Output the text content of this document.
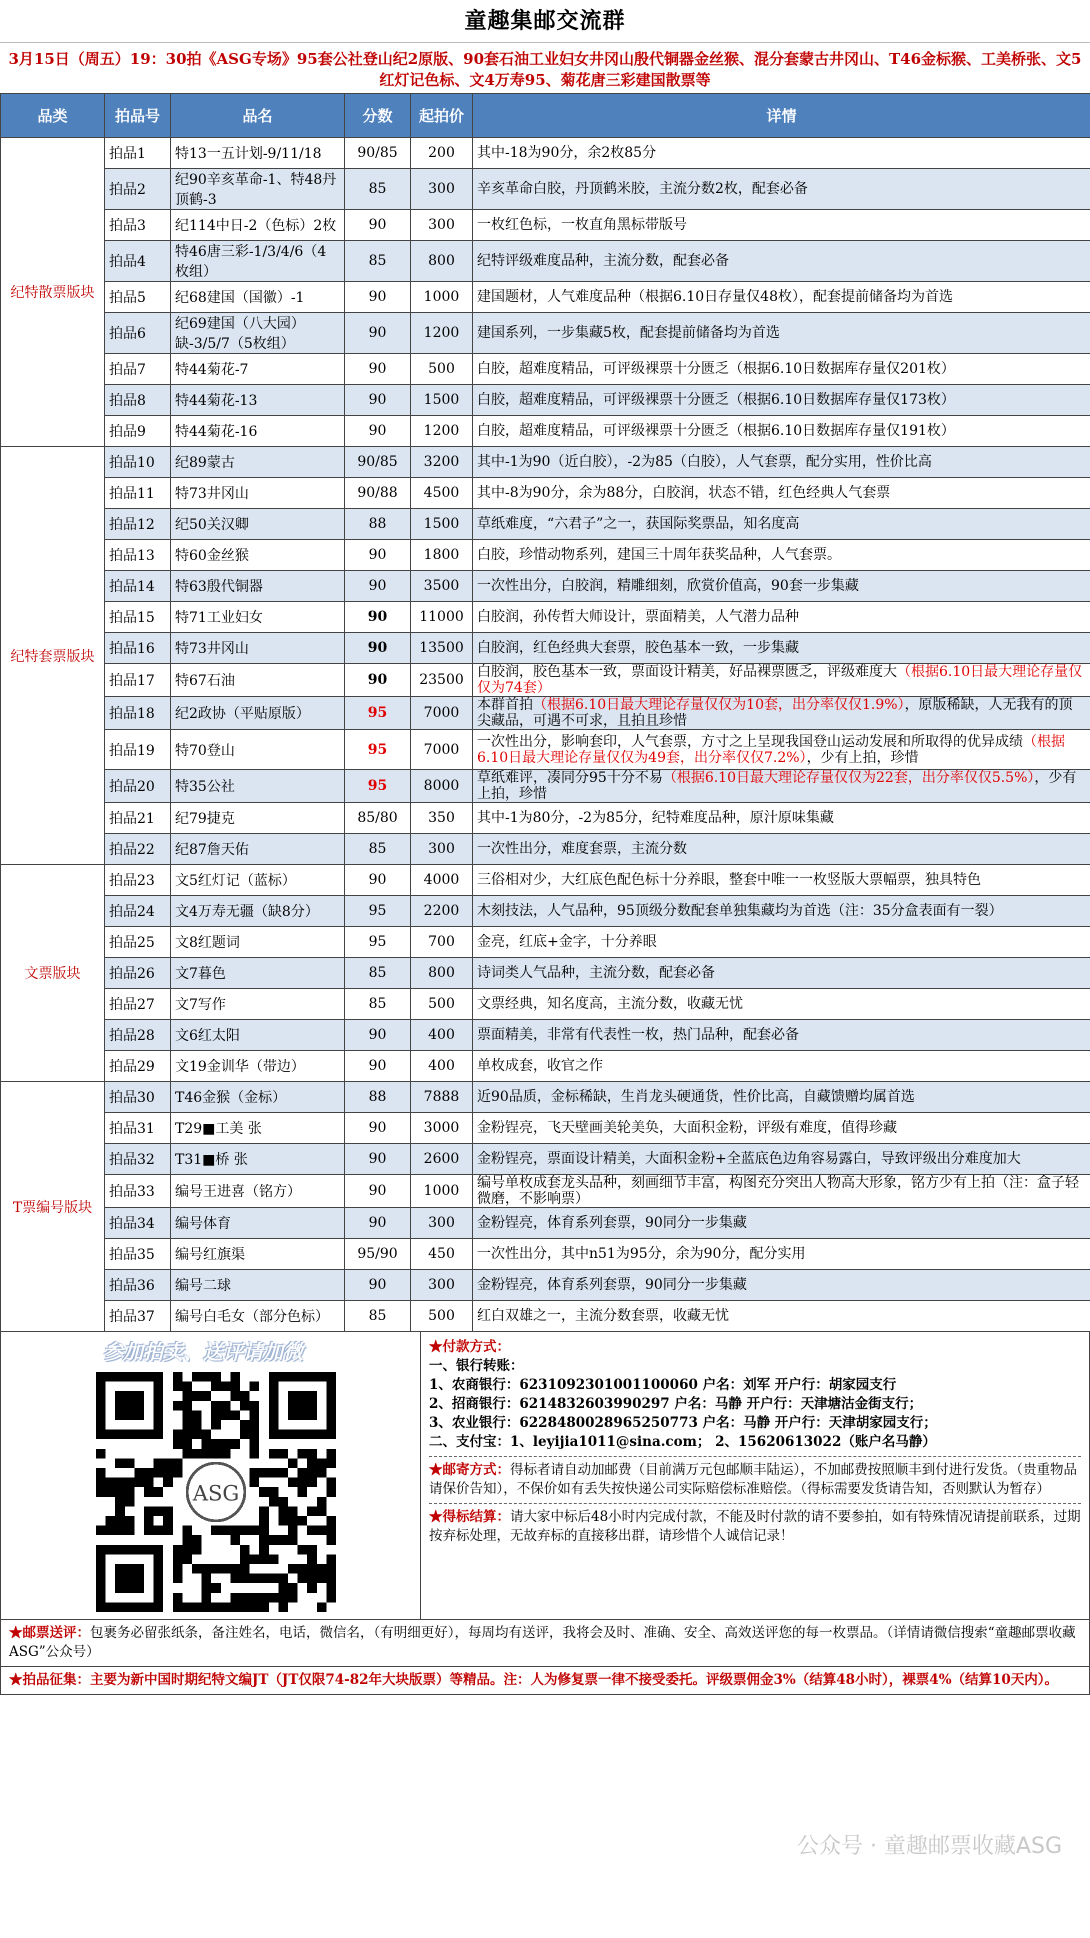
童趣集邮交流群
3月15日（周五）19：30拍《ASG专场》95套公社登山纪2原版、90套石油工业妇女井冈山殷代铜器金丝猴、混分套蒙古井冈山、T46金标猴、工美桥张、文5红灯记色标、文4万寿95、菊花唐三彩建国散票等
品类	拍品号	品名	分数	起拍价	详情
纪特散票版块	拍品1	特13一五计划-9/11/18	90/85	200	其中-18为90分，余2枚85分
	拍品2	纪90辛亥革命-1、特48丹顶鹤-3	85	300	辛亥革命白胶，丹顶鹤米胶，主流分数2枚，配套必备
	拍品3	纪114中日-2（色标）2枚	90	300	一枚红色标，一枚直角黑标带版号
	拍品4	特46唐三彩-1/3/4/6（4枚组）	85	800	纪特评级难度品种，主流分数，配套必备
	拍品5	纪68建国（国徽）-1	90	1000	建国题材，人气难度品种（根据6.10日存量仅48枚），配套提前储备均为首选
	拍品6	纪69建国（八大园）缺-3/5/7（5枚组）	90	1200	建国系列，一步集藏5枚，配套提前储备均为首选
	拍品7	特44菊花-7	90	500	白胶，超难度精品，可评级裸票十分匮乏（根据6.10日数据库存量仅201枚）
	拍品8	特44菊花-13	90	1500	白胶，超难度精品，可评级裸票十分匮乏（根据6.10日数据库存量仅173枚）
	拍品9	特44菊花-16	90	1200	白胶，超难度精品，可评级裸票十分匮乏（根据6.10日数据库存量仅191枚）
纪特套票版块	拍品10	纪89蒙古	90/85	3200	其中-1为90（近白胶），-2为85（白胶），人气套票，配分实用，性价比高
	拍品11	特73井冈山	90/88	4500	其中-8为90分，余为88分，白胶润，状态不错，红色经典人气套票
	拍品12	纪50关汉卿	88	1500	草纸难度，“六君子”之一，获国际奖票品，知名度高
	拍品13	特60金丝猴	90	1800	白胶，珍惜动物系列，建国三十周年获奖品种，人气套票。
	拍品14	特63殷代铜器	90	3500	一次性出分，白胶润，精雕细刻，欣赏价值高，90套一步集藏
	拍品15	特71工业妇女	90	11000	白胶润，孙传哲大师设计，票面精美，人气潜力品种
	拍品16	特73井冈山	90	13500	白胶润，红色经典大套票，胶色基本一致，一步集藏
	拍品17	特67石油	90	23500	白胶润，胶色基本一致，票面设计精美，好品裸票匮乏，评级难度大（根据6.10日最大理论存量仅仅为74套）
	拍品18	纪2政协（平贴原版）	95	7000	本群首拍（根据6.10日最大理论存量仅仅为10套，出分率仅仅1.9%），原版稀缺，人无我有的顶尖藏品，可遇不可求，且拍且珍惜
	拍品19	特70登山	95	7000	一次性出分，影响套印，人气套票，方寸之上呈现我国登山运动发展和所取得的优异成绩（根据6.10日最大理论存量仅仅为49套，出分率仅仅7.2%），少有上拍，珍惜
	拍品20	特35公社	95	8000	草纸难评，凑同分95十分不易（根据6.10日最大理论存量仅仅为22套，出分率仅仅5.5%），少有上拍，珍惜
	拍品21	纪79捷克	85/80	350	其中-1为80分，-2为85分，纪特难度品种，原汁原味集藏
	拍品22	纪87詹天佑	85	300	一次性出分，难度套票，主流分数
文票版块	拍品23	文5红灯记（蓝标）	90	4000	三俗相对少，大红底色配色标十分养眼，整套中唯一一枚竖版大票幅票，独具特色
	拍品24	文4万寿无疆（缺8分）	95	2200	木刻技法，人气品种，95顶级分数配套单独集藏均为首选（注：35分盒表面有一裂）
	拍品25	文8红题词	95	700	金亮，红底+金字，十分养眼
	拍品26	文7暮色	85	800	诗词类人气品种，主流分数，配套必备
	拍品27	文7写作	85	500	文票经典，知名度高，主流分数，收藏无忧
	拍品28	文6红太阳	90	400	票面精美，非常有代表性一枚，热门品种，配套必备
	拍品29	文19金训华（带边）	90	400	单枚成套，收官之作
T票编号版块	拍品30	T46金猴（金标）	88	7888	近90品质，金标稀缺，生肖龙头硬通货，性价比高，自藏馈赠均属首选
	拍品31	T29■工美 张	90	3000	金粉锃亮，飞天壁画美轮美奂，大面积金粉，评级有难度，值得珍藏
	拍品32	T31■桥 张	90	2600	金粉锃亮，票面设计精美，大面积金粉+全蓝底色边角容易露白，导致评级出分难度加大
	拍品33	编号王进喜（铭方）	90	1000	编号单枚成套龙头品种，刻画细节丰富，构图充分突出人物高大形象，铭方少有上拍（注：盒子轻微磨，不影响票）
	拍品34	编号体育	90	300	金粉锃亮，体育系列套票，90同分一步集藏
	拍品35	编号红旗渠	95/90	450	一次性出分，其中n51为95分，余为90分，配分实用
	拍品36	编号二球	90	300	金粉锃亮，体育系列套票，90同分一步集藏
	拍品37	编号白毛女（部分色标）	85	500	红白双雄之一，主流分数套票，收藏无忧
参加拍卖、送评请加微
ASG
★付款方式：
一、银行转账：
1、农商银行：6231092301001100060 户名：刘军 开户行：胡家园支行
2、招商银行：6214832603990297 户名：马静 开户行：天津塘沽金街支行；
3、农业银行：6228480028965250773 户名：马静 开户行：天津胡家园支行；
二、支付宝：1、leyijia1011@sina.com； 2、15620613022（账户名马静）
★邮寄方式：得标者请自动加邮费（目前满万元包邮顺丰陆运），不加邮费按照顺丰到付进行发货。（贵重物品请保价告知），不保价如有丢失按快递公司实际赔偿标准赔偿。（得标需要发货请告知，否则默认为暂存）
★得标结算：请大家中标后48小时内完成付款，不能及时付款的请不要参拍，如有特殊情况请提前联系，过期按弃标处理，无故弃标的直接移出群，请珍惜个人诚信记录！
★邮票送评：包裹务必留张纸条，备注姓名，电话，微信名，（有明细更好），每周均有送评，我将会及时、准确、安全、高效送评您的每一枚票品。（详情请微信搜索“童趣邮票收藏ASG”公众号）
★拍品征集：主要为新中国时期纪特文编JT（JT仅限74-82年大块版票）等精品。注：人为修复票一律不接受委托。评级票佣金3%（结算48小时），裸票4%（结算10天内）。
公众号 · 童趣邮票收藏ASG
